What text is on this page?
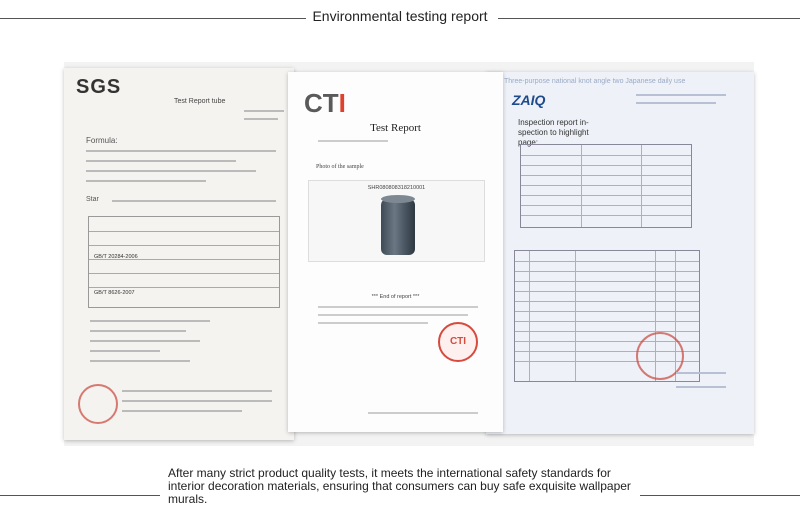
Environmental testing report
SGS
Test Report tube
Formula:
Star
GB/T 20284-2006
GB/T 8626-2007
CTI
Test Report
Photo of the sample
SHR080808318210001
*** End of report ***
CTI
Three-purpose national knot angle two Japanese daily use
ZAIQ
Inspection report in-spection to highlight page:
After many strict product quality tests, it meets the international safety standards for interior decoration materials, ensuring that consumers can buy safe exquisite wallpaper murals.
